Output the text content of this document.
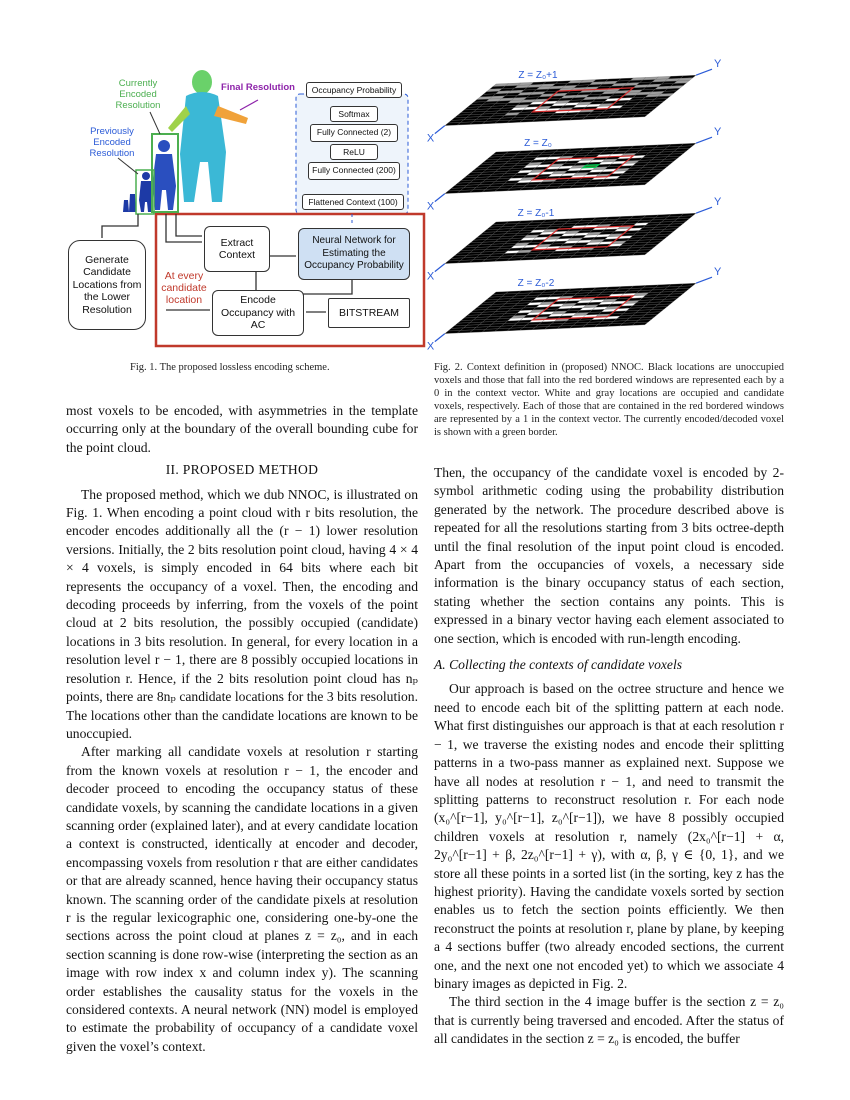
Currently Encoded Resolution
Previously Encoded Resolution
Final Resolution
At every candidate location
Generate Candidate Locations from the Lower Resolution
Extract Context
Encode Occupancy with AC
Neural Network for Estimating the Occupancy Probability
BITSTREAM
Occupancy Probability
Softmax
Fully Connected (2)
ReLU
Fully Connected (200)
Flattened Context (100)
Fig. 1. The proposed lossless encoding scheme.
X
Y
X
Y
X
Y
X
Y
Z = Z₀+1
Z = Z₀
Z = Z₀-1
Z = Z₀-2
Fig. 2. Context definition in (proposed) NNOC. Black locations are unoccupied voxels and those that fall into the red bordered windows are represented each by a 0 in the context vector. White and gray locations are occupied and candidate voxels, respectively. Each of those that are contained in the red bordered windows are represented by a 1 in the context vector. The currently encoded/decoded voxel is shown with a green border.

most voxels to be encoded, with asymmetries in the template occurring only at the boundary of the overall bounding cube for the point cloud.

II. PROPOSED METHOD

The proposed method, which we dub NNOC, is illustrated on Fig. 1. When encoding a point cloud with r bits resolution, the encoder encodes additionally all the (r − 1) lower resolution versions. Initially, the 2 bits resolution point cloud, having 4 × 4 × 4 voxels, is simply encoded in 64 bits where each bit represents the occupancy of a voxel. Then, the encoding and decoding proceeds by inferring, from the voxels of the point cloud at 2 bits resolution, the possibly occupied (candidate) locations in 3 bits resolution. In general, for every location in a resolution level r − 1, there are 8 possibly occupied locations in resolution r. Hence, if the 2 bits resolution point cloud has nₚ points, there are 8nₚ candidate locations for the 3 bits resolution. The locations other than the candidate locations are known to be unoccupied.

After marking all candidate voxels at resolution r starting from the known voxels at resolution r − 1, the encoder and decoder proceed to encoding the occupancy status of these candidate voxels, by scanning the candidate locations in a given scanning order (explained later), and at every candidate location a context is constructed, identically at encoder and decoder, encompassing voxels from resolution r that are either candidates or that are already scanned, hence having their occupancy status known. The scanning order of the candidate pixels at resolution r is the regular lexicographic one, considering one-by-one the sections across the point cloud at planes z = z₀, and in each section scanning is done row-wise (interpreting the section as an image with row index x and column index y). The scanning order establishes the causality status for the voxels in the considered contexts. A neural network (NN) model is employed to estimate the probability of occupancy of a candidate voxel given the voxel’s context.

Then, the occupancy of the candidate voxel is encoded by 2-symbol arithmetic coding using the probability distribution generated by the network. The procedure described above is repeated for all the resolutions starting from 3 bits octree-depth until the final resolution of the input point cloud is encoded. Apart from the occupancies of voxels, a necessary side information is the binary occupancy status of each section, stating whether the section contains any points. This is expressed in a binary vector having each element associated to one section, which is encoded with run-length encoding.

A. Collecting the contexts of candidate voxels

Our approach is based on the octree structure and hence we need to encode each bit of the splitting pattern at each node. What first distinguishes our approach is that at each resolution r − 1, we traverse the existing nodes and encode their splitting patterns in a two-pass manner as explained next. Suppose we have all nodes at resolution r − 1, and need to transmit the splitting patterns to reconstruct resolution r. For each node (x₀^[r−1], y₀^[r−1], z₀^[r−1]), we have 8 possibly occupied children voxels at resolution r, namely (2x₀^[r−1] + α, 2y₀^[r−1] + β, 2z₀^[r−1] + γ), with α, β, γ ∈ {0, 1}, and we store all these points in a sorted list (in the sorting, key z has the highest priority). Having the candidate voxels sorted by section enables us to fetch the section points efficiently. We then reconstruct the points at resolution r, plane by plane, by keeping a 4 sections buffer (two already encoded sections, the current one, and the next one not encoded yet) to which we associate 4 binary images as depicted in Fig. 2.

The third section in the 4 image buffer is the section z = z₀ that is currently being traversed and encoded. After the status of all candidates in the section z = z₀ is encoded, the buffer
